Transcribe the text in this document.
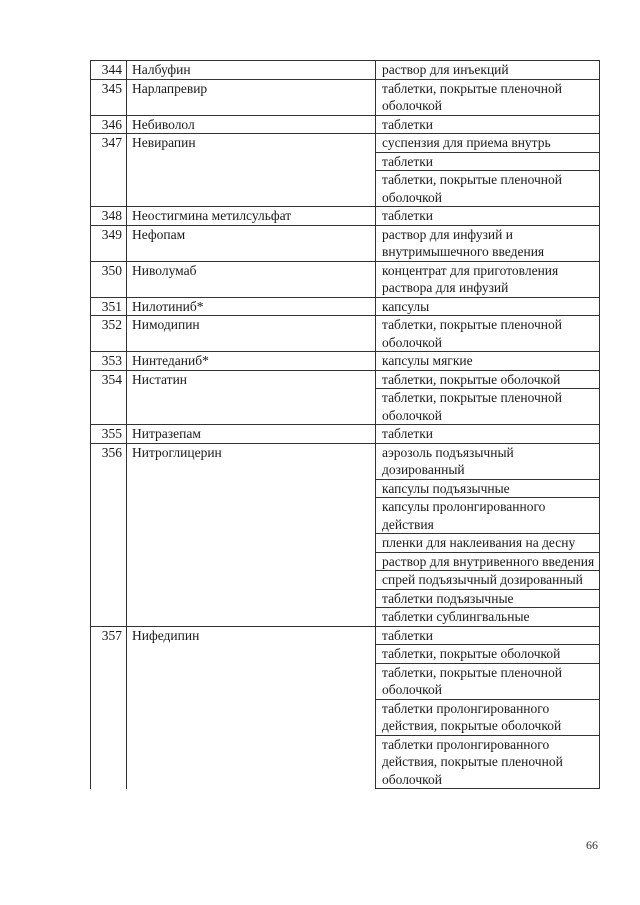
344 Налбуфин	раствор для инъекций
345 Нарлапревир	таблетки, покрытые пленочной оболочкой
346 Небиволол	таблетки
347 Невирапин	суспензия для приема внутрь
таблетки
таблетки, покрытые пленочной оболочкой
348 Неостигмина метилсульфат	таблетки
349 Нефопам	раствор для инфузий и внутримышечного введения
350 Ниволумаб	концентрат для приготовления раствора для инфузий
351 Нилотиниб*	капсулы
352 Нимодипин	таблетки, покрытые пленочной оболочкой
353 Нинтеданиб*	капсулы мягкие
354 Нистатин	таблетки, покрытые оболочкой
таблетки, покрытые пленочной оболочкой
355 Нитразепам	таблетки
356 Нитроглицерин	аэрозоль подъязычный дозированный
капсулы подъязычные
капсулы пролонгированного действия
пленки для наклеивания на десну
раствор для внутривенного введения
спрей подъязычный дозированный
таблетки подъязычные
таблетки сублингвальные
357 Нифедипин	таблетки
таблетки, покрытые оболочкой
таблетки, покрытые пленочной оболочкой
таблетки пролонгированного действия, покрытые оболочкой
таблетки пролонгированного действия, покрытые пленочной оболочкой
66
